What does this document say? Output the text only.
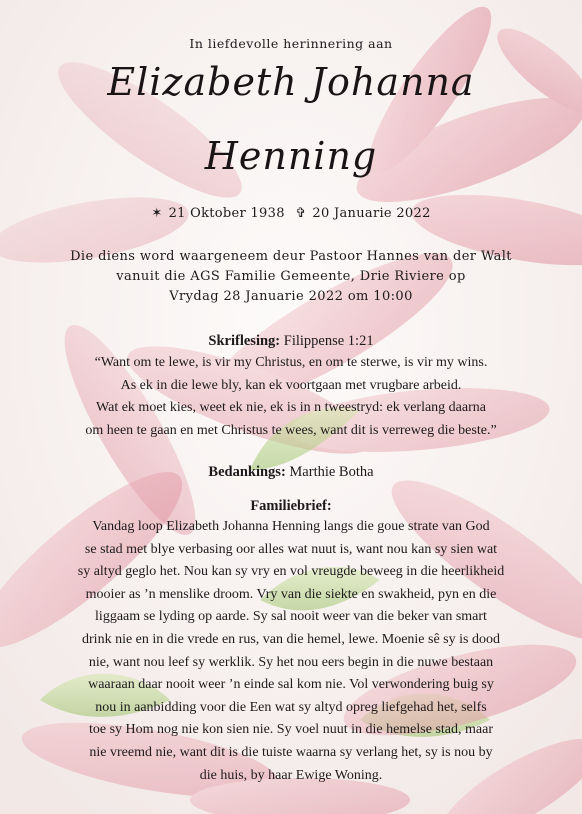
In liefdevolle herinnering aan
Elizabeth Johanna
Henning
✶ 21 Oktober 1938 ✞ 20 Januarie 2022
Die diens word waargeneem deur Pastoor Hannes van der Walt
vanuit die AGS Familie Gemeente, Drie Riviere op
Vrydag 28 Januarie 2022 om 10:00
Skriflesing: Filippense 1:21
“Want om te lewe, is vir my Christus, en om te sterwe, is vir my wins.
As ek in die lewe bly, kan ek voortgaan met vrugbare arbeid.
Wat ek moet kies, weet ek nie, ek is in n tweestryd: ek verlang daarna
om heen te gaan en met Christus te wees, want dit is verreweg die beste.”
Bedankings: Marthie Botha
Familiebrief:
Vandag loop Elizabeth Johanna Henning langs die goue strate van God
se stad met blye verbasing oor alles wat nuut is, want nou kan sy sien wat
sy altyd geglo het. Nou kan sy vry en vol vreugde beweeg in die heerlikheid
mooier as ’n menslike droom. Vry van die siekte en swakheid, pyn en die
liggaam se lyding op aarde. Sy sal nooit weer van die beker van smart
drink nie en in die vrede en rus, van die hemel, lewe. Moenie sê sy is dood
nie, want nou leef sy werklik. Sy het nou eers begin in die nuwe bestaan
waaraan daar nooit weer ’n einde sal kom nie. Vol verwondering buig sy
nou in aanbidding voor die Een wat sy altyd opreg liefgehad het, selfs
toe sy Hom nog nie kon sien nie. Sy voel nuut in die hemelse stad, maar
nie vreemd nie, want dit is die tuiste waarna sy verlang het, sy is nou by
die huis, by haar Ewige Woning.
